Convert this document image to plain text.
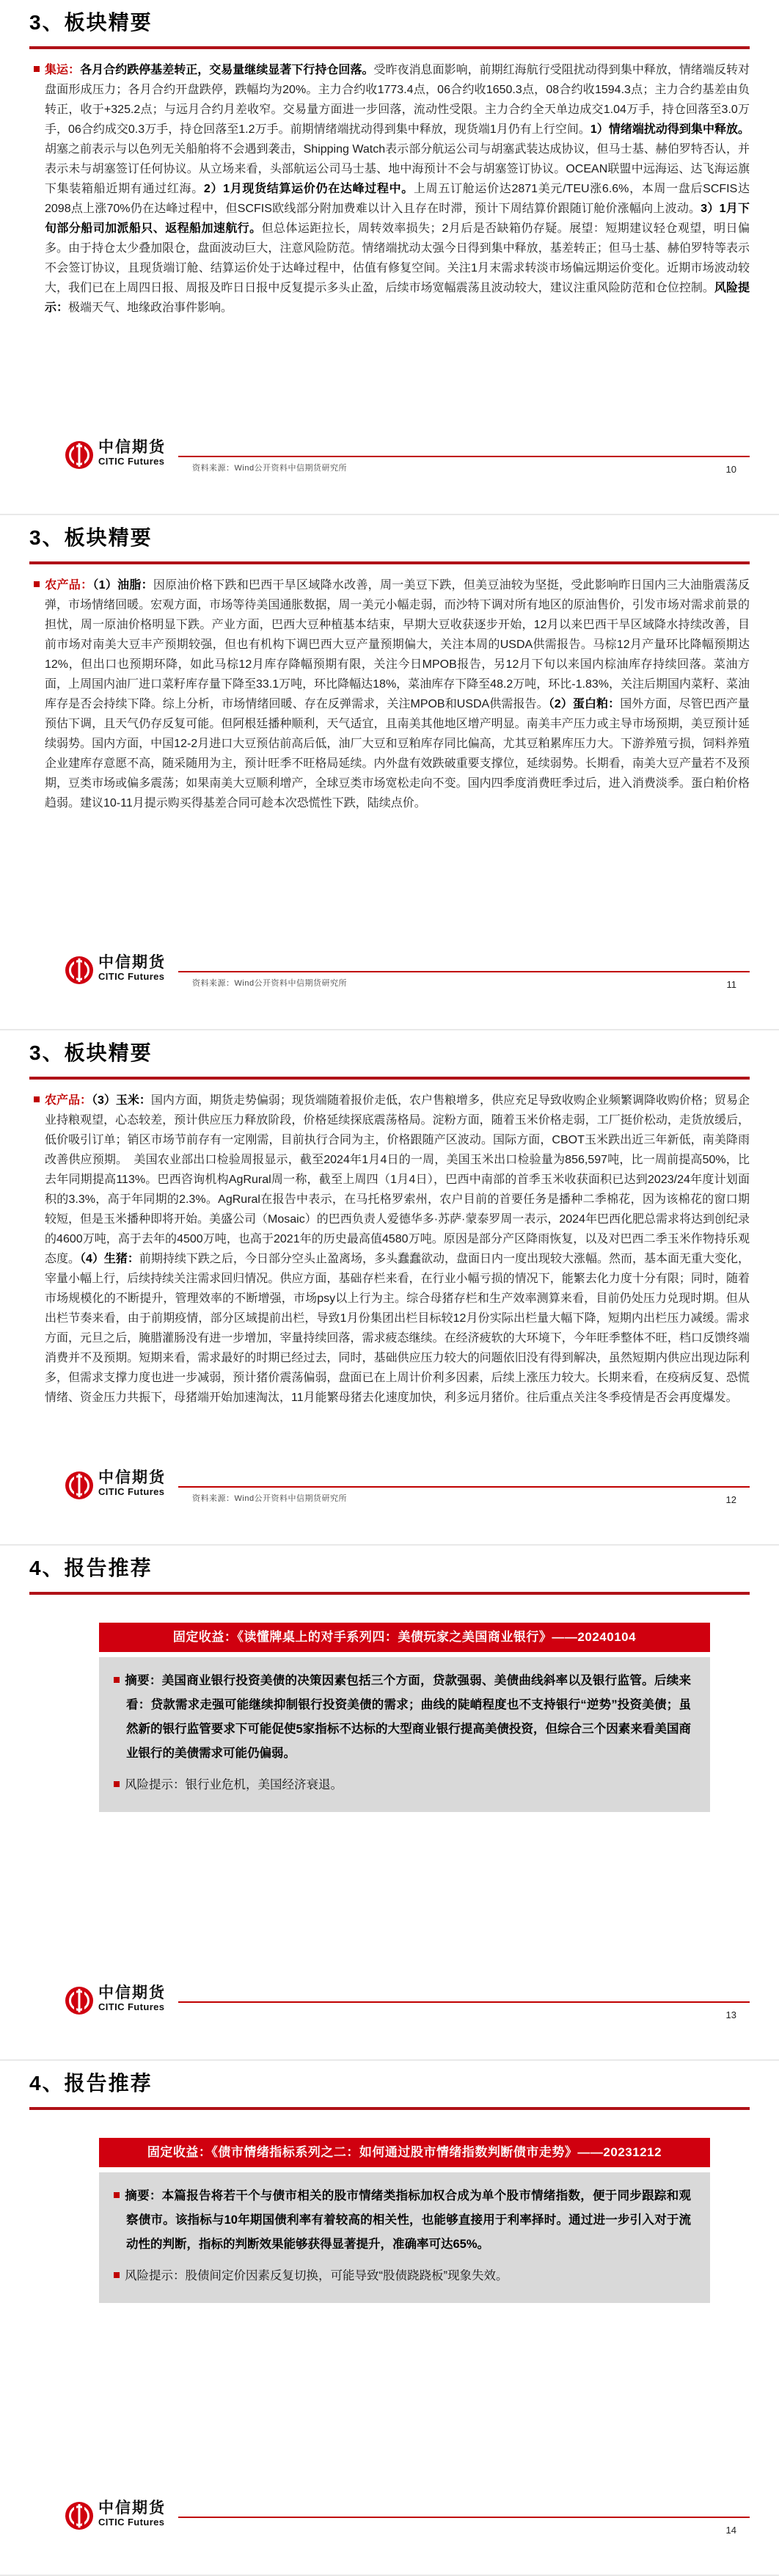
3、板块精要
集运：各月合约跌停基差转正，交易量继续显著下行持仓回落。受昨夜消息面影响，前期红海航行受阻扰动得到集中释放，情绪端反转对盘面形成压力；各月合约开盘跌停，跌幅均为20%。主力合约收1773.4点，06合约收1650.3点，08合约收1594.3点；主力合约基差由负转正，收于+325.2点；与远月合约月差收窄。交易量方面进一步回落，流动性受限。主力合约全天单边成交1.04万手，持仓回落至3.0万手，06合约成交0.3万手，持仓回落至1.2万手。前期情绪端扰动得到集中释放，现货端1月仍有上行空间。1）情绪端扰动得到集中释放。胡塞之前表示与以色列无关船舶将不会遇到袭击，Shipping Watch表示部分航运公司与胡塞武装达成协议，但马士基、赫伯罗特否认，并表示未与胡塞签订任何协议。从立场来看，头部航运公司马士基、地中海预计不会与胡塞签订协议。OCEAN联盟中远海运、达飞海运旗下集装箱船近期有通过红海。2）1月现货结算运价仍在达峰过程中。上周五订舱运价达2871美元/TEU涨6.6%，本周一盘后SCFIS达2098点上涨70%仍在达峰过程中，但SCFIS欧线部分附加费难以计入且存在时滞，预计下周结算价跟随订舱价涨幅向上波动。3）1月下旬部分船司加派船只、返程船加速航行。但总体运距拉长，周转效率损失；2月后是否缺箱仍存疑。展望：短期建议轻仓观望，明日偏多。由于持仓太少叠加限仓，盘面波动巨大，注意风险防范。情绪端扰动太强今日得到集中释放，基差转正；但马士基、赫伯罗特等表示不会签订协议，且现货端订舱、结算运价处于达峰过程中，估值有修复空间。关注1月末需求转淡市场偏远期运价变化。近期市场波动较大，我们已在上周四日报、周报及昨日日报中反复提示多头止盈，后续市场宽幅震荡且波动较大，建议注重风险防范和仓位控制。风险提示：极端天气、地缘政治事件影响。
中信期货
CITIC Futures
资料来源：Wind公开资料中信期货研究所	10
3、板块精要
农产品：（1）油脂：因原油价格下跌和巴西干旱区域降水改善，周一美豆下跌，但美豆油较为坚挺，受此影响昨日国内三大油脂震荡反弹，市场情绪回暖。宏观方面，市场等待美国通胀数据，周一美元小幅走弱，而沙特下调对所有地区的原油售价，引发市场对需求前景的担忧，周一原油价格明显下跌。产业方面，巴西大豆种植基本结束，早期大豆收获逐步开始，12月以来巴西干旱区域降水持续改善，目前市场对南美大豆丰产预期较强，但也有机构下调巴西大豆产量预期偏大，关注本周的USDA供需报告。马棕12月产量环比降幅预期达12%，但出口也预期环降，如此马棕12月库存降幅预期有限，关注今日MPOB报告，另12月下旬以来国内棕油库存持续回落。菜油方面，上周国内油厂进口菜籽库存量下降至33.1万吨，环比降幅达18%，菜油库存下降至48.2万吨，环比-1.83%，关注后期国内菜籽、菜油库存是否会持续下降。综上分析，市场情绪回暖、存在反弹需求，关注MPOB和USDA供需报告。（2）蛋白粕：国外方面，尽管巴西产量预估下调，且天气仍存反复可能。但阿根廷播种顺利，天气适宜，且南美其他地区增产明显。南美丰产压力或主导市场预期，美豆预计延续弱势。国内方面，中国12-2月进口大豆预估前高后低，油厂大豆和豆粕库存同比偏高，尤其豆粕累库压力大。下游养殖亏损，饲料养殖企业建库存意愿不高，随采随用为主，预计旺季不旺格局延续。内外盘有效跌破重要支撑位，延续弱势。长期看，南美大豆产量若不及预期，豆类市场或偏多震荡；如果南美大豆顺利增产，全球豆类市场宽松走向不变。国内四季度消费旺季过后，进入消费淡季。蛋白粕价格趋弱。建议10-11月提示购买得基差合同可趁本次恐慌性下跌，陆续点价。
中信期货
CITIC Futures
资料来源：Wind公开资料中信期货研究所	11
3、板块精要
农产品：（3）玉米：国内方面，期货走势偏弱；现货端随着报价走低，农户售粮增多，供应充足导致收购企业频繁调降收购价格；贸易企业持粮观望，心态较差，预计供应压力释放阶段，价格延续探底震荡格局。淀粉方面，随着玉米价格走弱，工厂挺价松动，走货放缓后，低价吸引订单；销区市场节前存有一定刚需，目前执行合同为主，价格跟随产区波动。国际方面，CBOT玉米跌出近三年新低，南美降雨改善供应预期。　美国农业部出口检验周报显示，截至2024年1月4日的一周，美国玉米出口检验量为856,597吨，比一周前提高50%，比去年同期提高113%。巴西咨询机构AgRural周一称，截至上周四（1月4日），巴西中南部的首季玉米收获面积已达到2023/24年度计划面积的3.3%，高于年同期的2.3%。AgRural在报告中表示，在马托格罗索州，农户目前的首要任务是播种二季棉花，因为该棉花的窗口期较短，但是玉米播种即将开始。美盛公司（Mosaic）的巴西负责人爱德华多·苏萨·蒙泰罗周一表示，2024年巴西化肥总需求将达到创纪录的4600万吨，高于去年的4500万吨，也高于2021年的历史最高值4580万吨。原因是部分产区降雨恢复，以及对巴西二季玉米作物持乐观态度。（4）生猪：前期持续下跌之后，今日部分空头止盈离场，多头蠢蠢欲动，盘面日内一度出现较大涨幅。然而，基本面无重大变化，宰量小幅上行，后续持续关注需求回归情况。供应方面，基础存栏来看，在行业小幅亏损的情况下，能繁去化力度十分有限；同时，随着市场规模化的不断提升，管理效率的不断增强，市场psy以上行为主。综合母猪存栏和生产效率测算来看，目前仍处压力兑现时期。但从出栏节奏来看，由于前期疫情，部分区域提前出栏，导致1月份集团出栏目标较12月份实际出栏量大幅下降，短期内出栏压力减缓。需求方面，元旦之后，腌腊灌肠没有进一步增加，宰量持续回落，需求疲态继续。在经济疲软的大环境下，今年旺季整体不旺，档口反馈终端消费并不及预期。短期来看，需求最好的时期已经过去，同时，基础供应压力较大的问题依旧没有得到解决，虽然短期内供应出现边际利多，但需求支撑力度也进一步减弱，预计猪价震荡偏弱，盘面已在上周计价利多因素，后续上涨压力较大。长期来看，在疫病反复、恐慌情绪、资金压力共振下，母猪端开始加速淘汰，11月能繁母猪去化速度加快，利多远月猪价。往后重点关注冬季疫情是否会再度爆发。
中信期货
CITIC Futures
资料来源：Wind公开资料中信期货研究所	12
4、报告推荐
固定收益：《读懂牌桌上的对手系列四：美债玩家之美国商业银行》——20240104
摘要：美国商业银行投资美债的决策因素包括三个方面，贷款强弱、美债曲线斜率以及银行监管。后续来看：贷款需求走强可能继续抑制银行投资美债的需求；曲线的陡峭程度也不支持银行“逆势”投资美债；虽然新的银行监管要求下可能促使5家指标不达标的大型商业银行提高美债投资，但综合三个因素来看美国商业银行的美债需求可能仍偏弱。
风险提示：银行业危机，美国经济衰退。
中信期货
CITIC Futures
13
4、报告推荐
固定收益：《债市情绪指标系列之二：如何通过股市情绪指数判断债市走势》——20231212
摘要：本篇报告将若干个与债市相关的股市情绪类指标加权合成为单个股市情绪指数，便于同步跟踪和观察债市。该指标与10年期国债利率有着较高的相关性，也能够直接用于利率择时。通过进一步引入对于流动性的判断，指标的判断效果能够获得显著提升，准确率可达65%。
风险提示：股债间定价因素反复切换，可能导致“股债跷跷板”现象失效。
中信期货
CITIC Futures
14
